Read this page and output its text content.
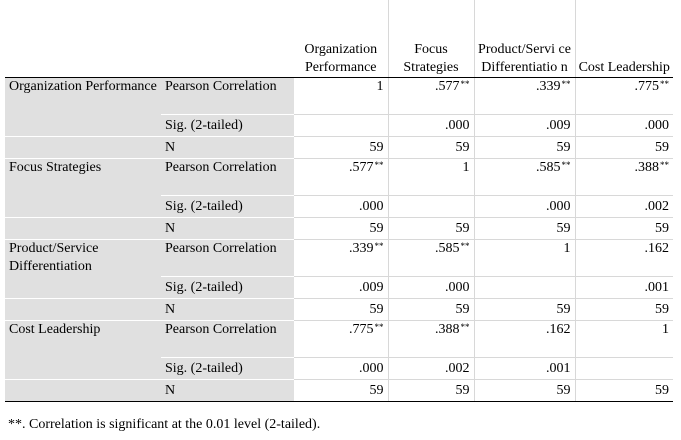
		Organization Performance	Focus Strategies	Product/Servi ce Differentiatio n	Cost Leadership
Organization Performance	Pearson Correlation	1	.577**	.339**	.775**
	Sig. (2-tailed)		.000	.009	.000
	N	59	59	59	59
Focus Strategies	Pearson Correlation	.577**	1	.585**	.388**
	Sig. (2-tailed)	.000		.000	.002
	N	59	59	59	59
Product/Service Differentiation	Pearson Correlation	.339**	.585**	1	.162
	Sig. (2-tailed)	.009	.000		.001
	N	59	59	59	59
Cost Leadership	Pearson Correlation	.775**	.388**	.162	1
	Sig. (2-tailed)	.000	.002	.001	
	N	59	59	59	59
**. Correlation is significant at the 0.01 level (2-tailed).
